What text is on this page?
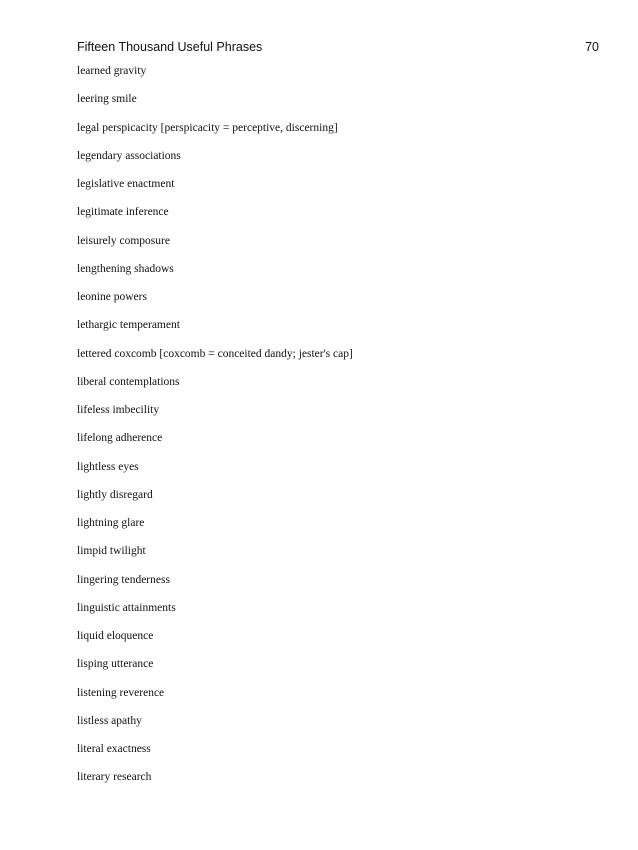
Fifteen Thousand Useful Phrases	70
learned gravity
leering smile
legal perspicacity [perspicacity = perceptive, discerning]
legendary associations
legislative enactment
legitimate inference
leisurely composure
lengthening shadows
leonine powers
lethargic temperament
lettered coxcomb [coxcomb = conceited dandy; jester's cap]
liberal contemplations
lifeless imbecility
lifelong adherence
lightless eyes
lightly disregard
lightning glare
limpid twilight
lingering tenderness
linguistic attainments
liquid eloquence
lisping utterance
listening reverence
listless apathy
literal exactness
literary research
